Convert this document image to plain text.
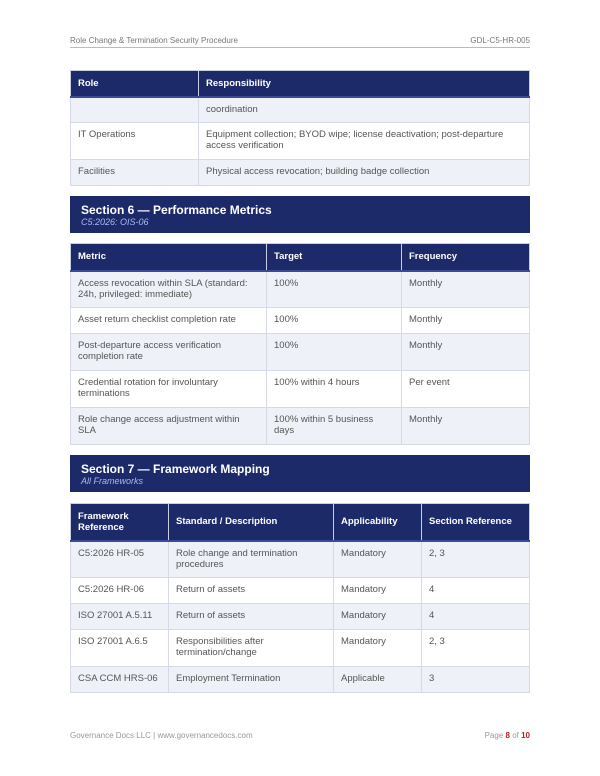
Role Change & Termination Security Procedure	GDL-C5-HR-005
Role	Responsibility
	coordination
IT Operations	Equipment collection; BYOD wipe; license deactivation; post-departure access verification
Facilities	Physical access revocation; building badge collection
Section 6 — Performance Metrics
C5:2026: OIS-06
Metric	Target	Frequency
Access revocation within SLA (standard: 24h, privileged: immediate)	100%	Monthly
Asset return checklist completion rate	100%	Monthly
Post-departure access verification completion rate	100%	Monthly
Credential rotation for involuntary terminations	100% within 4 hours	Per event
Role change access adjustment within SLA	100% within 5 business days	Monthly
Section 7 — Framework Mapping
All Frameworks
Framework Reference	Standard / Description	Applicability	Section Reference
C5:2026 HR-05	Role change and termination procedures	Mandatory	2, 3
C5:2026 HR-06	Return of assets	Mandatory	4
ISO 27001 A.5.11	Return of assets	Mandatory	4
ISO 27001 A.6.5	Responsibilities after termination/change	Mandatory	2, 3
CSA CCM HRS-06	Employment Termination	Applicable	3
Governance Docs LLC | www.governancedocs.com	Page 8 of 10
